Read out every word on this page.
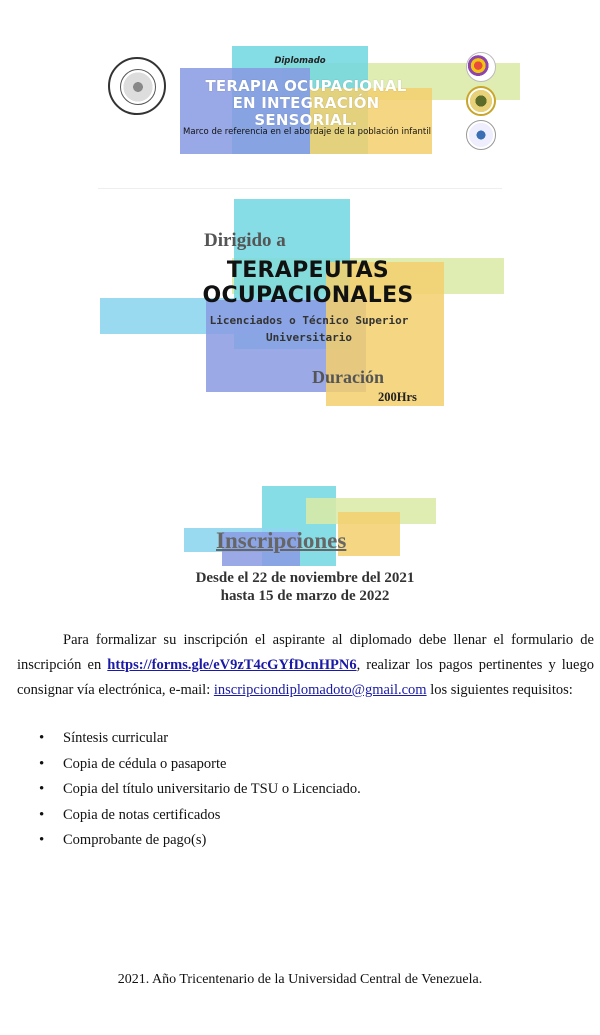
Diplomado
TERAPIA OCUPACIONAL
EN INTEGRACIÓN
SENSORIAL.
Marco de referencia en el abordaje de la población infantil
Dirigido a
TERAPEUTAS
OCUPACIONALES
Licenciados o Técnico Superior
Universitario
Duración
200Hrs
Inscripciones
Desde el 22 de noviembre del 2021
hasta 15 de marzo de 2022
Para formalizar su inscripción el aspirante al diplomado debe llenar el formulario de inscripción en https://forms.gle/eV9zT4cGYfDcnHPN6, realizar los pagos pertinentes y luego consignar vía electrónica, e-mail: inscripciondiplomadoto@gmail.com los siguientes requisitos:
• Síntesis curricular
• Copia de cédula o pasaporte
• Copia del título universitario de TSU o Licenciado.
• Copia de notas certificados
• Comprobante de pago(s)
2021. Año Tricentenario de la Universidad Central de Venezuela.
